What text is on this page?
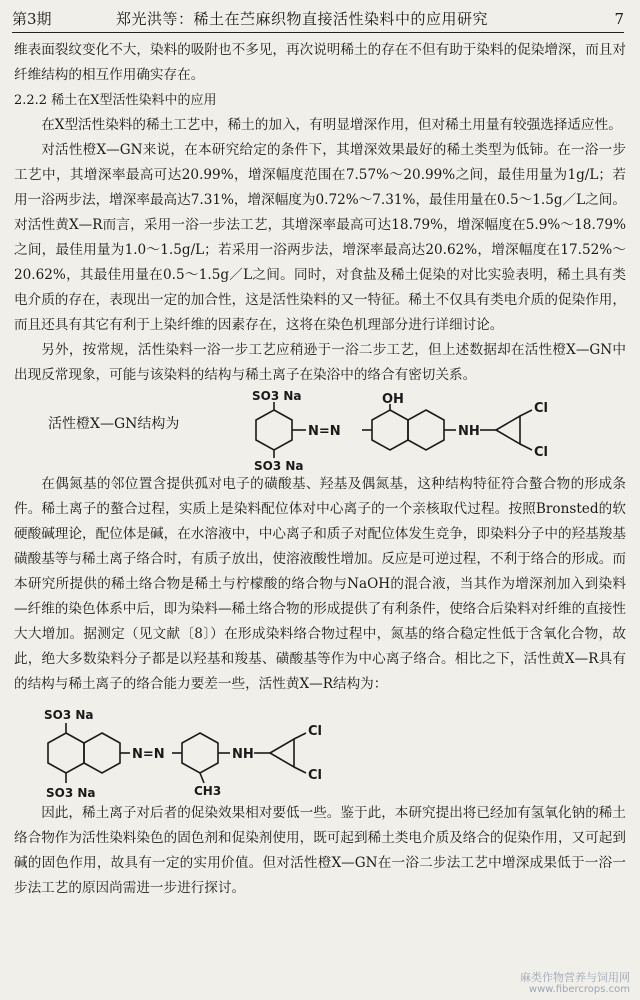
第3期	郑光洪等：稀土在苎麻织物直接活性染料中的应用研究	7

维表面裂纹变化不大，染料的吸附也不多见，再次说明稀土的存在不但有助于染料的促染增深，而且对纤维结构的相互作用确实存在。

2.2.2 稀土在X型活性染料中的应用

在X型活性染料的稀土工艺中，稀土的加入，有明显增深作用，但对稀土用量有较强选择适应性。

对活性橙X—GN来说，在本研究给定的条件下，其增深效果最好的稀土类型为低铈。在一浴一步工艺中，其增深率最高可达20.99%，增深幅度范围在7.57%～20.99%之间，最佳用量为1g/L；若用一浴两步法，增深率最高达7.31%，增深幅度为0.72%～7.31%，最佳用量在0.5～1.5g／L之间。对活性黄X—R而言，采用一浴一步法工艺，其增深率最高可达18.79%，增深幅度在5.9%～18.79%之间，最佳用量为1.0～1.5g/L；若采用一浴两步法，增深率最高达20.62%，增深幅度在17.52%～20.62%，其最佳用量在0.5～1.5g／L之间。同时，对食盐及稀土促染的对比实验表明，稀土具有类电介质的存在，表现出一定的加合性，这是活性染料的又一特征。稀土不仅具有类电介质的促染作用，而且还具有其它有利于上染纤维的因素存在，这将在染色机理部分进行详细讨论。

另外，按常规，活性染料一浴一步工艺应稍逊于一浴二步工艺，但上述数据却在活性橙X—GN中出现反常现象，可能与该染料的结构与稀土离子在染浴中的络合有密切关系。

活性橙X—GN结构为
SO3 Na
SO3 Na
N=N
OH
NH
Cl
Cl

在偶氮基的邻位置含提供孤对电子的磺酸基、羟基及偶氮基，这种结构特征符合螯合物的形成条件。稀土离子的螯合过程，实质上是染料配位体对中心离子的一个亲核取代过程。按照Bronsted的软硬酸碱理论，配位体是碱，在水溶液中，中心离子和质子对配位体发生竞争，即染料分子中的羟基羧基磺酸基等与稀土离子络合时，有质子放出，使溶液酸性增加。反应是可逆过程，不利于络合的形成。而本研究所提供的稀土络合物是稀土与柠檬酸的络合物与NaOH的混合液，当其作为增深剂加入到染料—纤维的染色体系中后，即为染料—稀土络合物的形成提供了有利条件，使络合后染料对纤维的直接性大大增加。据测定（见文献〔8〕）在形成染料络合物过程中，氮基的络合稳定性低于含氧化合物，故此，绝大多数染料分子都是以羟基和羧基、磺酸基等作为中心离子络合。相比之下，活性黄X—R具有的结构与稀土离子的络合能力要差一些，活性黄X—R结构为：

SO3 Na
SO3 Na
N=N	NH
CH3
Cl
Cl

因此，稀土离子对后者的促染效果相对要低一些。鉴于此，本研究提出将已经加有氢氧化钠的稀土络合物作为活性染料染色的固色剂和促染剂使用，既可起到稀土类电介质及络合的促染作用，又可起到碱的固色作用，故具有一定的实用价值。但对活性橙X—GN在一浴二步法工艺中增深成果低于一浴一步法工艺的原因尚需进一步进行探讨。

麻类作物营养与饲用网
www.fibercrops.com
